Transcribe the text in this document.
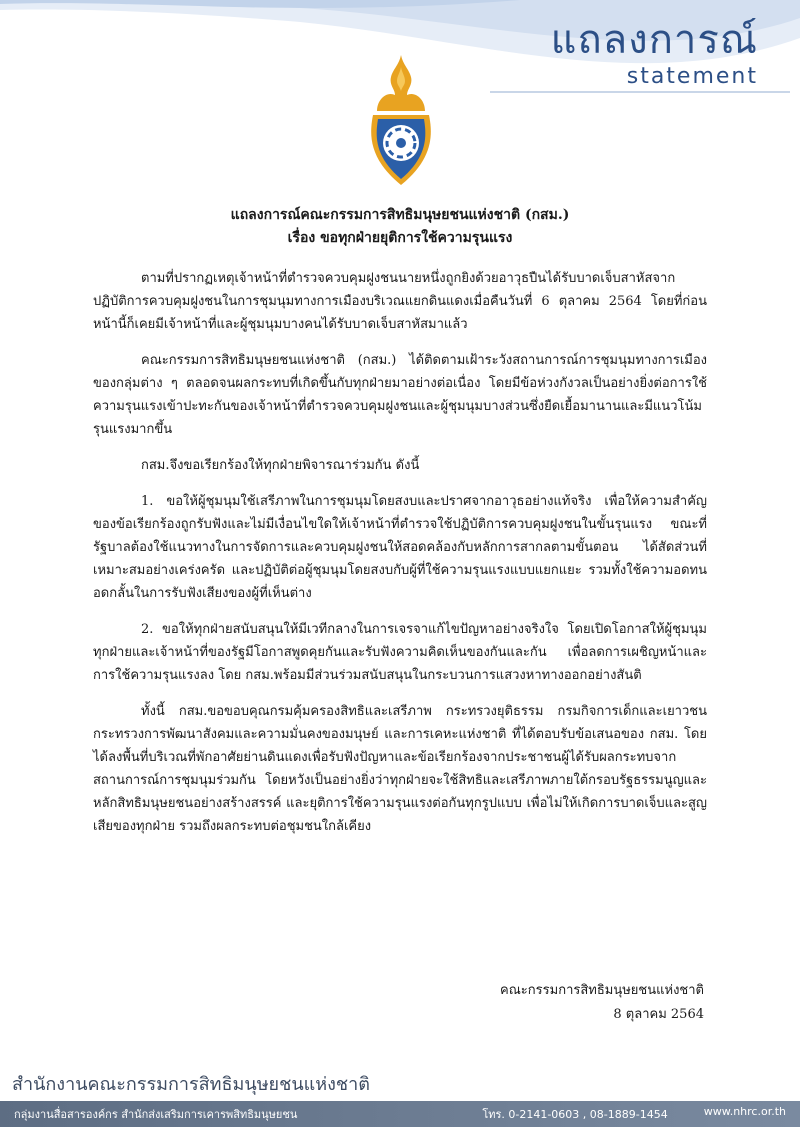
แถลงการณ์
statement
แถลงการณ์คณะกรรมการสิทธิมนุษยชนแห่งชาติ (กสม.)
เรื่อง ขอทุกฝ่ายยุติการใช้ความรุนแรง

ตามที่ปรากฏเหตุเจ้าหน้าที่ตำรวจควบคุมฝูงชนนายหนึ่งถูกยิงด้วยอาวุธปืนได้รับบาดเจ็บสาหัสจากปฏิบัติการควบคุมฝูงชนในการชุมนุมทางการเมืองบริเวณแยกดินแดงเมื่อคืนวันที่ 6 ตุลาคม 2564 โดยที่ก่อนหน้านี้ก็เคยมีเจ้าหน้าที่และผู้ชุมนุมบางคนได้รับบาดเจ็บสาหัสมาแล้ว

คณะกรรมการสิทธิมนุษยชนแห่งชาติ (กสม.) ได้ติดตามเฝ้าระวังสถานการณ์การชุมนุมทางการเมืองของกลุ่มต่าง ๆ ตลอดจนผลกระทบที่เกิดขึ้นกับทุกฝ่ายมาอย่างต่อเนื่อง โดยมีข้อห่วงกังวลเป็นอย่างยิ่งต่อการใช้ความรุนแรงเข้าปะทะกันของเจ้าหน้าที่ตำรวจควบคุมฝูงชนและผู้ชุมนุมบางส่วนซึ่งยืดเยื้อมานานและมีแนวโน้มรุนแรงมากขึ้น

กสม.จึงขอเรียกร้องให้ทุกฝ่ายพิจารณาร่วมกัน ดังนี้

1. ขอให้ผู้ชุมนุมใช้เสรีภาพในการชุมนุมโดยสงบและปราศจากอาวุธอย่างแท้จริง เพื่อให้ความสำคัญของข้อเรียกร้องถูกรับฟังและไม่มีเงื่อนไขใดให้เจ้าหน้าที่ตำรวจใช้ปฏิบัติการควบคุมฝูงชนในขั้นรุนแรง ขณะที่รัฐบาลต้องใช้แนวทางในการจัดการและควบคุมฝูงชนให้สอดคล้องกับหลักการสากลตามขั้นตอน ได้สัดส่วนที่เหมาะสมอย่างเคร่งครัด และปฏิบัติต่อผู้ชุมนุมโดยสงบกับผู้ที่ใช้ความรุนแรงแบบแยกแยะ รวมทั้งใช้ความอดทนอดกลั้นในการรับฟังเสียงของผู้ที่เห็นต่าง

2. ขอให้ทุกฝ่ายสนับสนุนให้มีเวทีกลางในการเจรจาแก้ไขปัญหาอย่างจริงใจ โดยเปิดโอกาสให้ผู้ชุมนุมทุกฝ่ายและเจ้าหน้าที่ของรัฐมีโอกาสพูดคุยกันและรับฟังความคิดเห็นของกันและกัน เพื่อลดการเผชิญหน้าและการใช้ความรุนแรงลง โดย กสม.พร้อมมีส่วนร่วมสนับสนุนในกระบวนการแสวงหาทางออกอย่างสันติ

ทั้งนี้ กสม.ขอขอบคุณกรมคุ้มครองสิทธิและเสรีภาพ กระทรวงยุติธรรม กรมกิจการเด็กและเยาวชน กระทรวงการพัฒนาสังคมและความมั่นคงของมนุษย์ และการเคหะแห่งชาติ ที่ได้ตอบรับข้อเสนอของ กสม. โดยได้ลงพื้นที่บริเวณที่พักอาศัยย่านดินแดงเพื่อรับฟังปัญหาและข้อเรียกร้องจากประชาชนผู้ได้รับผลกระทบจากสถานการณ์การชุมนุมร่วมกัน โดยหวังเป็นอย่างยิ่งว่าทุกฝ่ายจะใช้สิทธิและเสรีภาพภายใต้กรอบรัฐธรรมนูญและหลักสิทธิมนุษยชนอย่างสร้างสรรค์ และยุติการใช้ความรุนแรงต่อกันทุกรูปแบบ เพื่อไม่ให้เกิดการบาดเจ็บและสูญเสียของทุกฝ่าย รวมถึงผลกระทบต่อชุมชนใกล้เคียง

คณะกรรมการสิทธิมนุษยชนแห่งชาติ
8 ตุลาคม 2564
สำนักงานคณะกรรมการสิทธิมนุษยชนแห่งชาติ
กลุ่มงานสื่อสารองค์กร สำนักส่งเสริมการเคารพสิทธิมนุษยชน	โทร. 0-2141-0603 , 08-1889-1454	www.nhrc.or.th
